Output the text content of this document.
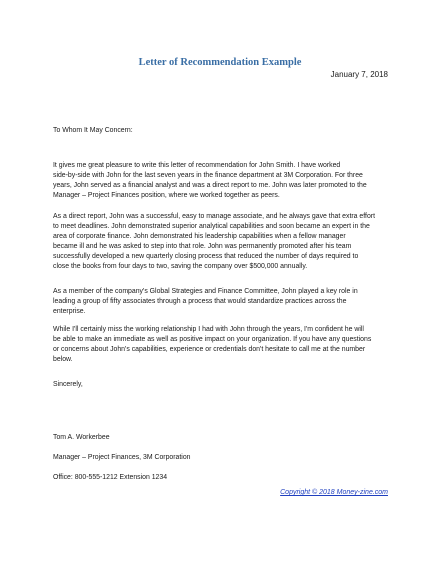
Letter of Recommendation Example
January 7, 2018
To Whom It May Concern:
It gives me great pleasure to write this letter of recommendation for John Smith. I have worked
side-by-side with John for the last seven years in the finance department at 3M Corporation. For three
years, John served as a financial analyst and was a direct report to me. John was later promoted to the
Manager – Project Finances position, where we worked together as peers.
As a direct report, John was a successful, easy to manage associate, and he always gave that extra effort
to meet deadlines. John demonstrated superior analytical capabilities and soon became an expert in the
area of corporate finance. John demonstrated his leadership capabilities when a fellow manager
became ill and he was asked to step into that role. John was permanently promoted after his team
successfully developed a new quarterly closing process that reduced the number of days required to
close the books from four days to two, saving the company over $500,000 annually.
As a member of the company's Global Strategies and Finance Committee, John played a key role in
leading a group of fifty associates through a process that would standardize practices across the
enterprise.
While I'll certainly miss the working relationship I had with John through the years, I'm confident he will
be able to make an immediate as well as positive impact on your organization. If you have any questions
or concerns about John's capabilities, experience or credentials don't hesitate to call me at the number
below.
Sincerely,
Tom A. Workerbee
Manager – Project Finances, 3M Corporation
Office: 800-555-1212 Extension 1234
Copyright © 2018 Money-zine.com
